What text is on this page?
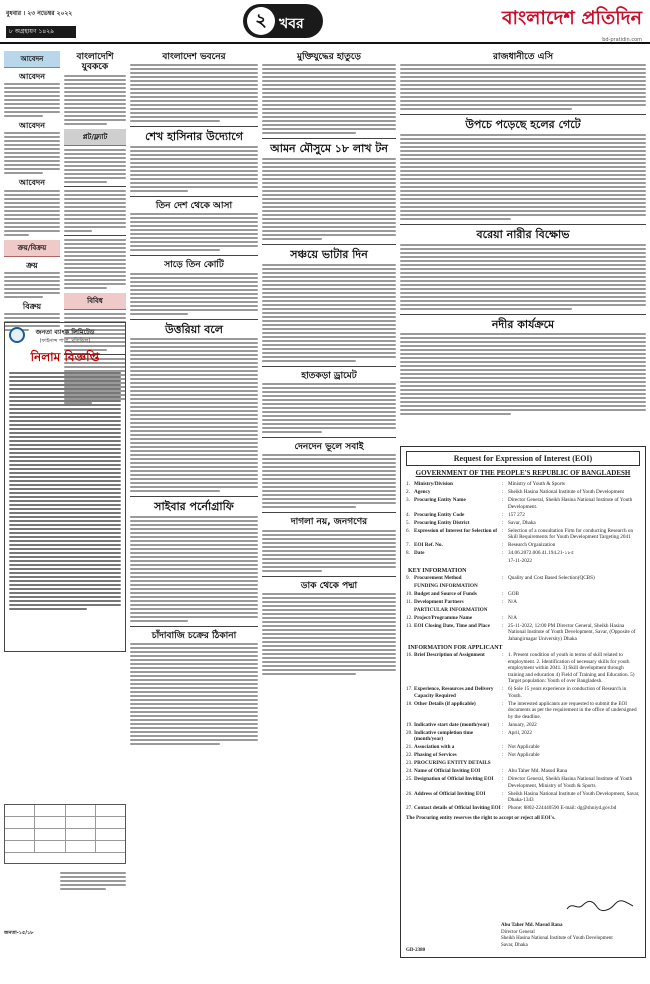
বুধবার । ২৩ নভেম্বর ২০২২
৮ অগ্রহায়ণ ১৪২৯
২ খবর	বাংলাদেশ প্রতিদিন
bd-pratidin.com
আবেদন
আবেদন
আবেদন
আবেদন
ক্রয়/বিক্রয়
ক্রয়
বিক্রয়
বাংলাদেশি যুবককে
প্লট/ফ্ল্যাট
বিবিধ
জনতা ব্যাংক লিমিটেড
(ফাইনান্স শাখা, মতিঝিল)
নিলাম বিজ্ঞপ্তি
জনতা-১৫/১৮
বাংলাদেশ ভবনের
শেখ হাসিনার উদ্যোগে
তিন দেশ থেকে আসা
সাড়ে তিন কোটি
উত্তরিয়া বলে
সাইবার পর্নোগ্রাফি
চাঁদাবাজি চক্রের ঠিকানা
মুক্তিযুদ্ধের হাতুড়ে
আমন মৌসুমে ১৮ লাখ টন
সঞ্চয়ে ভাটার দিন
হাতকড়া ড্রামেট
দেনদেন ভূলে সবাই
দাগলা নয়, জনগণের
ডাক থেকে পদ্মা
রাজধানীতে এসি
উপচে পড়েছে হলের গেটে
বরেয়া নারীর বিক্ষোভ
নদীর কার্যক্রমে
Request for Expression of Interest (EOI)
GOVERNMENT OF THE PEOPLE'S REPUBLIC OF BANGLADESH
1. Ministry/Division	: Ministry of Youth & Sports
2. Agency	: Sheikh Hasina National Institute of Youth Development
3. Procuring Entity Name	: Director General, Sheikh Hasina National Institute of Youth Development.
4. Procuring Entity Code	: 157 272
5. Procuring Entity District	: Savar, Dhaka
6. Expression of Interest for Selection of : Selection of a consultation Firm for conducting Research on Skill Requirements for Youth Development Targeting 2041
7. EOI Ref. No.	: Research Organization
8. Date	: 34.06.2072.006.41.194.21-১৮৫
17-11-2022
KEY INFORMATION
9. Procurement Method	: Quality and Cost Based Selection(QCBS)
FUNDING INFORMATION
10. Budget and Source of Funds	: GOB
11. Development Partners	: N/A
PARTICULAR INFORMATION
12. Project/Programme Name	: N/A
13. EOI Closing Date, Time and Place	: 25-11-2022, 12:00 PM Director General, Sheikh Hasina National Institute of Youth Development, Savar, (Opposite of Jahangirnagar University) Dhaka
INFORMATION FOR APPLICANT
16. Brief Description of Assignment	: 1. Present condition of youth in terms of skill related to employment. 2. Identification of necessary skills for youth employment within 2041. 3) Skill development through training and education 4) Field of Training and Education. 5) Target population: Youth of over Bangladesh.
17. Experience, Resources and Delivery Capacity Required
: 6) Sole 15 years experience in conduction of Research in Youth.
18. Other Details (if applicable)	: The interested applicants are requested to submit the EOI documents as per the requirement in the office of undersigned by the deadline.
19. Indicative start date (month/year)	: January, 2022
20. Indicative completion time (month/year)
: April, 2022
21. Association with a	: Not Applicable
22. Phasing of Services	: Not Applicable
23. PROCURING ENTITY DETAILS
24. Name of Official Inviting EOI	: Abu Taher Md. Masud Rana
25. Designation of Official Inviting EOI	: Director General, Sheikh Hasina National Institute of Youth Development, Ministry of Youth & Sports
26. Address of Official Inviting EOI	: Sheikh Hasina National Institute of Youth Development, Savar, Dhaka-1343
27. Contact details of Official Inviting EOI : Phone: 8802-224440590 E-mail: dg@shniyd.gov.bd
The Procuring entity reserves the right to accept or reject all EOI's.
Abu Taher Md. Masud Rana
Director General
Sheikh Hasina National Institute of Youth Development
Savar, Dhaka
GD-2380
